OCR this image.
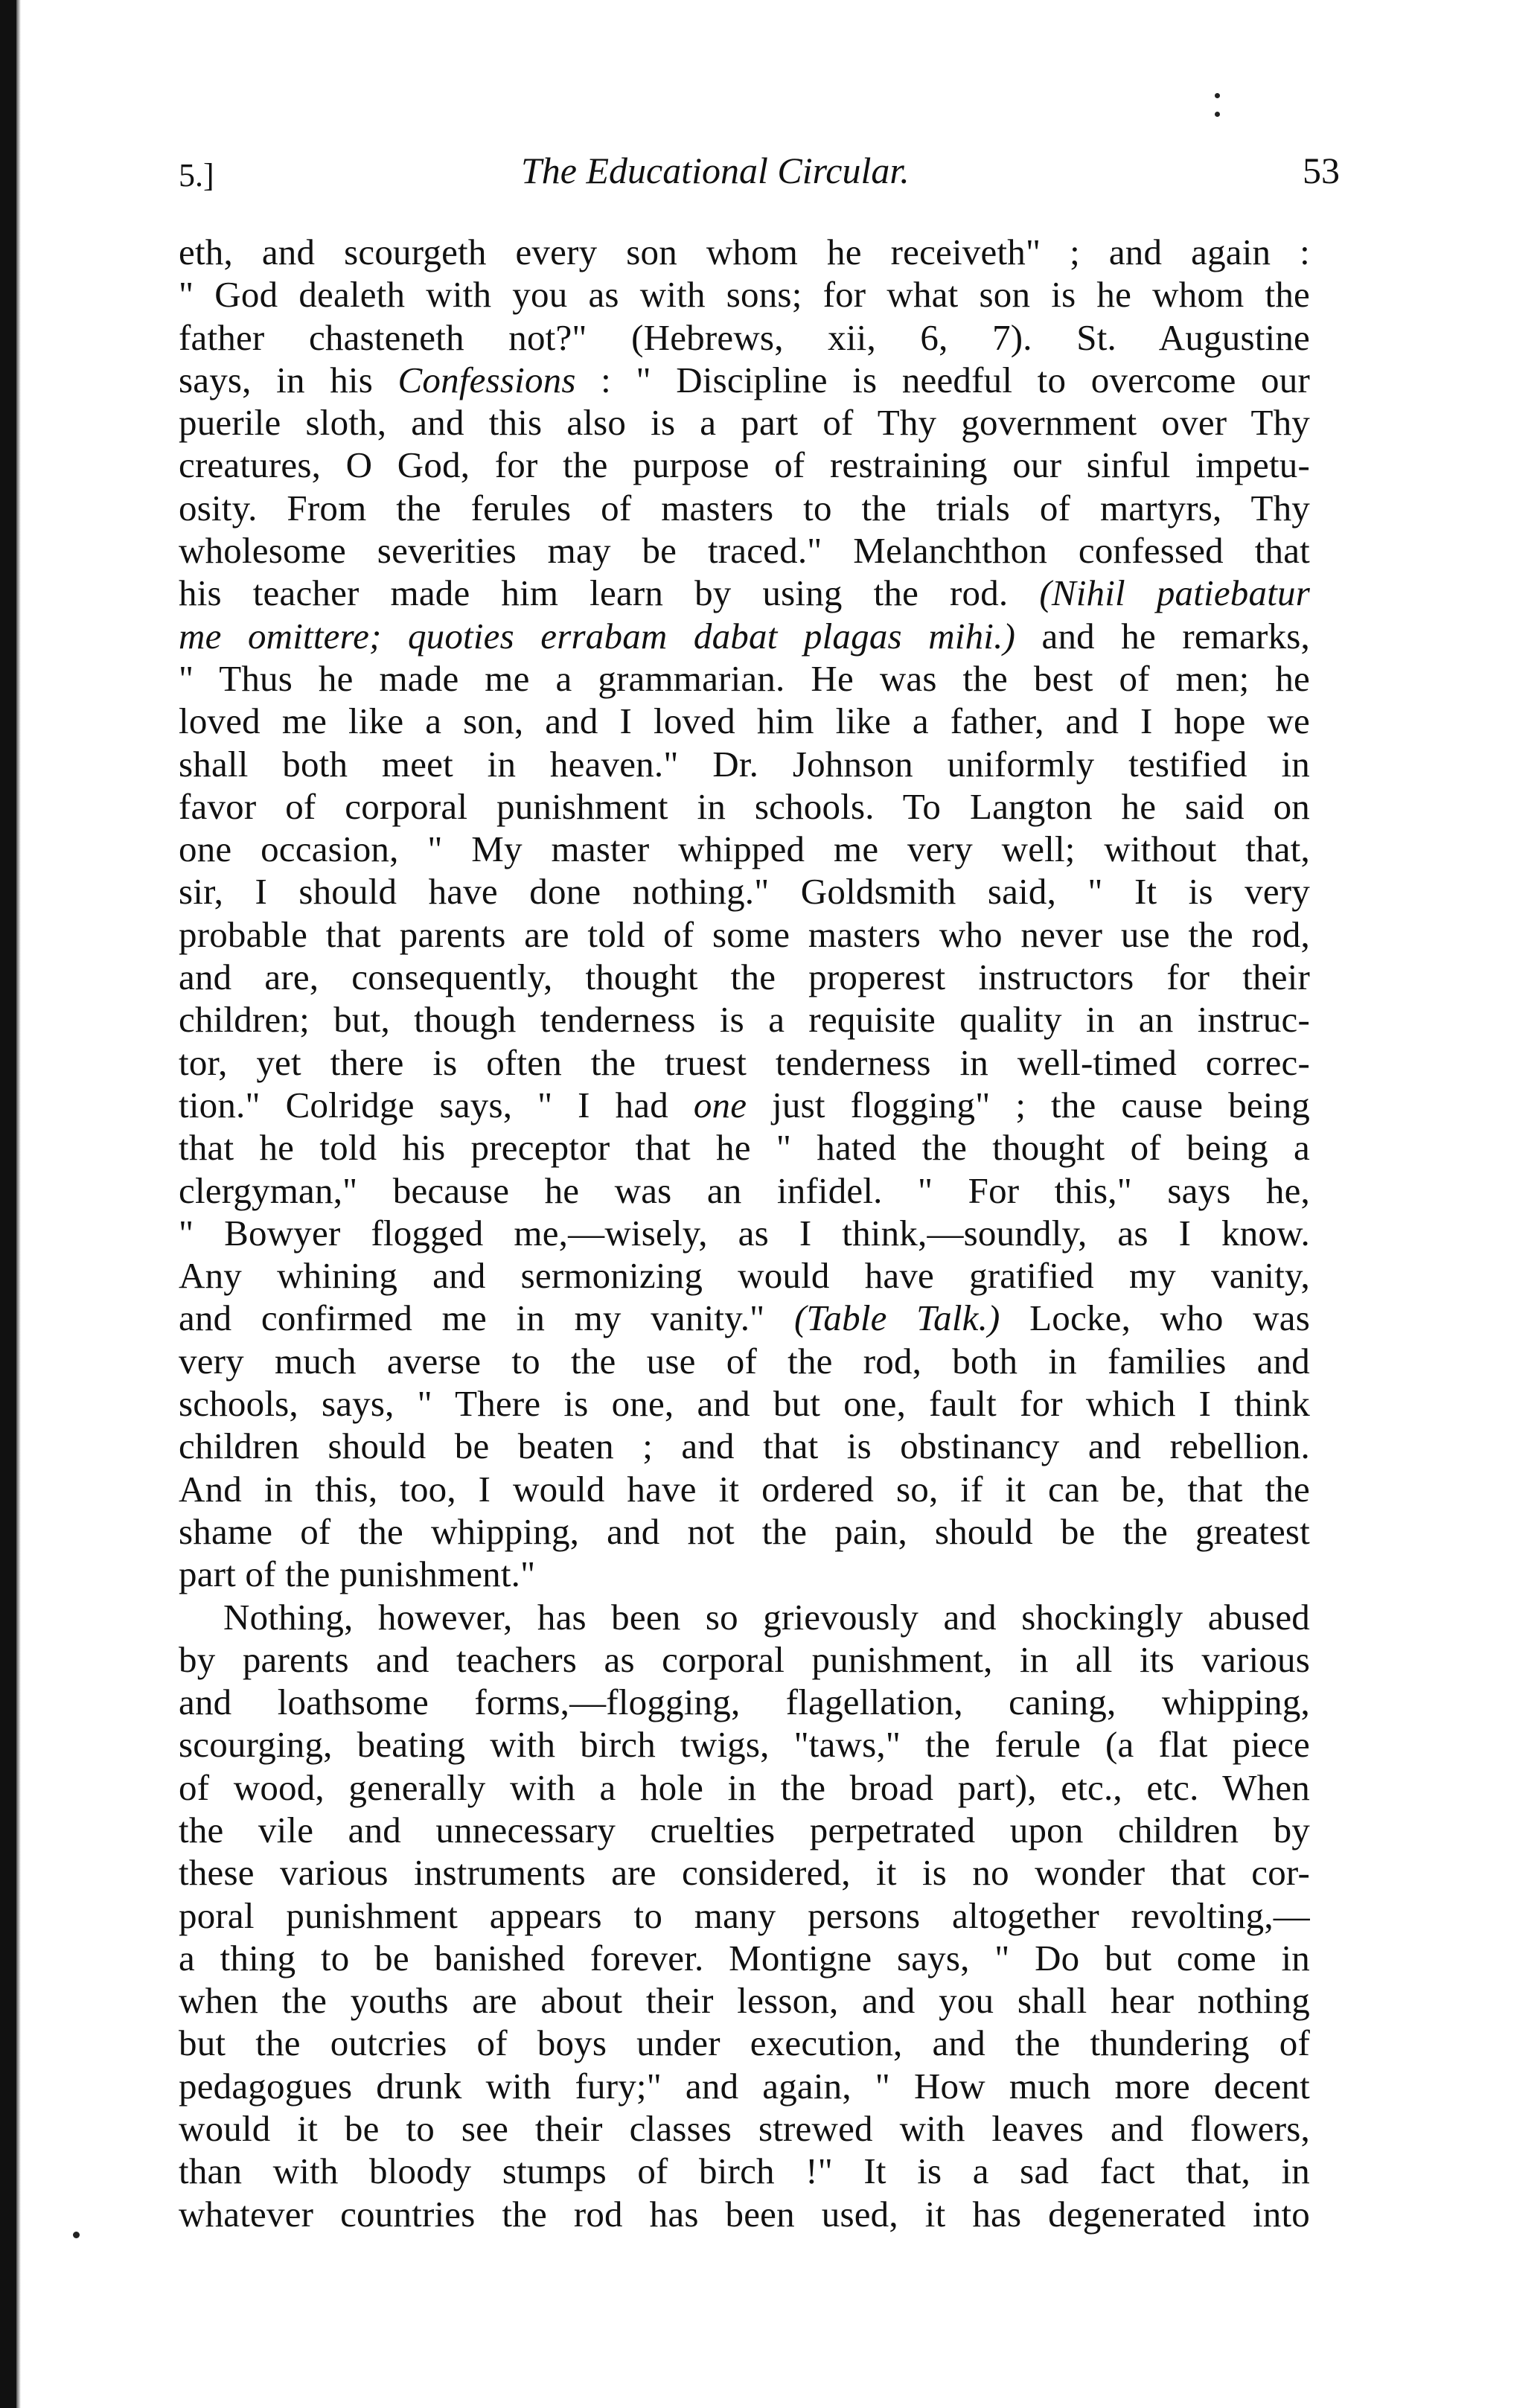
5.]	The Educational Circular.	53
eth, and scourgeth every son whom he receiveth" ; and again :
" God dealeth with you as with sons; for what son is he whom the
father chasteneth not?" (Hebrews, xii, 6, 7). St. Augustine
says, in his Confessions : " Discipline is needful to overcome our
puerile sloth, and this also is a part of Thy government over Thy
creatures, O God, for the purpose of restraining our sinful impetu-
osity. From the ferules of masters to the trials of martyrs, Thy
wholesome severities may be traced." Melanchthon confessed that
his teacher made him learn by using the rod. (Nihil patiebatur
me omittere; quoties errabam dabat plagas mihi.) and he remarks,
" Thus he made me a grammarian. He was the best of men; he
loved me like a son, and I loved him like a father, and I hope we
shall both meet in heaven." Dr. Johnson uniformly testified in
favor of corporal punishment in schools. To Langton he said on
one occasion, " My master whipped me very well; without that,
sir, I should have done nothing." Goldsmith said, " It is very
probable that parents are told of some masters who never use the rod,
and are, consequently, thought the properest instructors for their
children; but, though tenderness is a requisite quality in an instruc-
tor, yet there is often the truest tenderness in well-timed correc-
tion." Colridge says, " I had one just flogging" ; the cause being
that he told his preceptor that he " hated the thought of being a
clergyman," because he was an infidel. " For this," says he,
" Bowyer flogged me,—wisely, as I think,—soundly, as I know.
Any whining and sermonizing would have gratified my vanity,
and confirmed me in my vanity." (Table Talk.) Locke, who was
very much averse to the use of the rod, both in families and
schools, says, " There is one, and but one, fault for which I think
children should be beaten ; and that is obstinancy and rebellion.
And in this, too, I would have it ordered so, if it can be, that the
shame of the whipping, and not the pain, should be the greatest
part of the punishment."
Nothing, however, has been so grievously and shockingly abused
by parents and teachers as corporal punishment, in all its various
and loathsome forms,—flogging, flagellation, caning, whipping,
scourging, beating with birch twigs, "taws," the ferule (a flat piece
of wood, generally with a hole in the broad part), etc., etc. When
the vile and unnecessary cruelties perpetrated upon children by
these various instruments are considered, it is no wonder that cor-
poral punishment appears to many persons altogether revolting,—
a thing to be banished forever. Montigne says, " Do but come in
when the youths are about their lesson, and you shall hear nothing
but the outcries of boys under execution, and the thundering of
pedagogues drunk with fury;" and again, " How much more decent
would it be to see their classes strewed with leaves and flowers,
than with bloody stumps of birch !" It is a sad fact that, in
whatever countries the rod has been used, it has degenerated into
